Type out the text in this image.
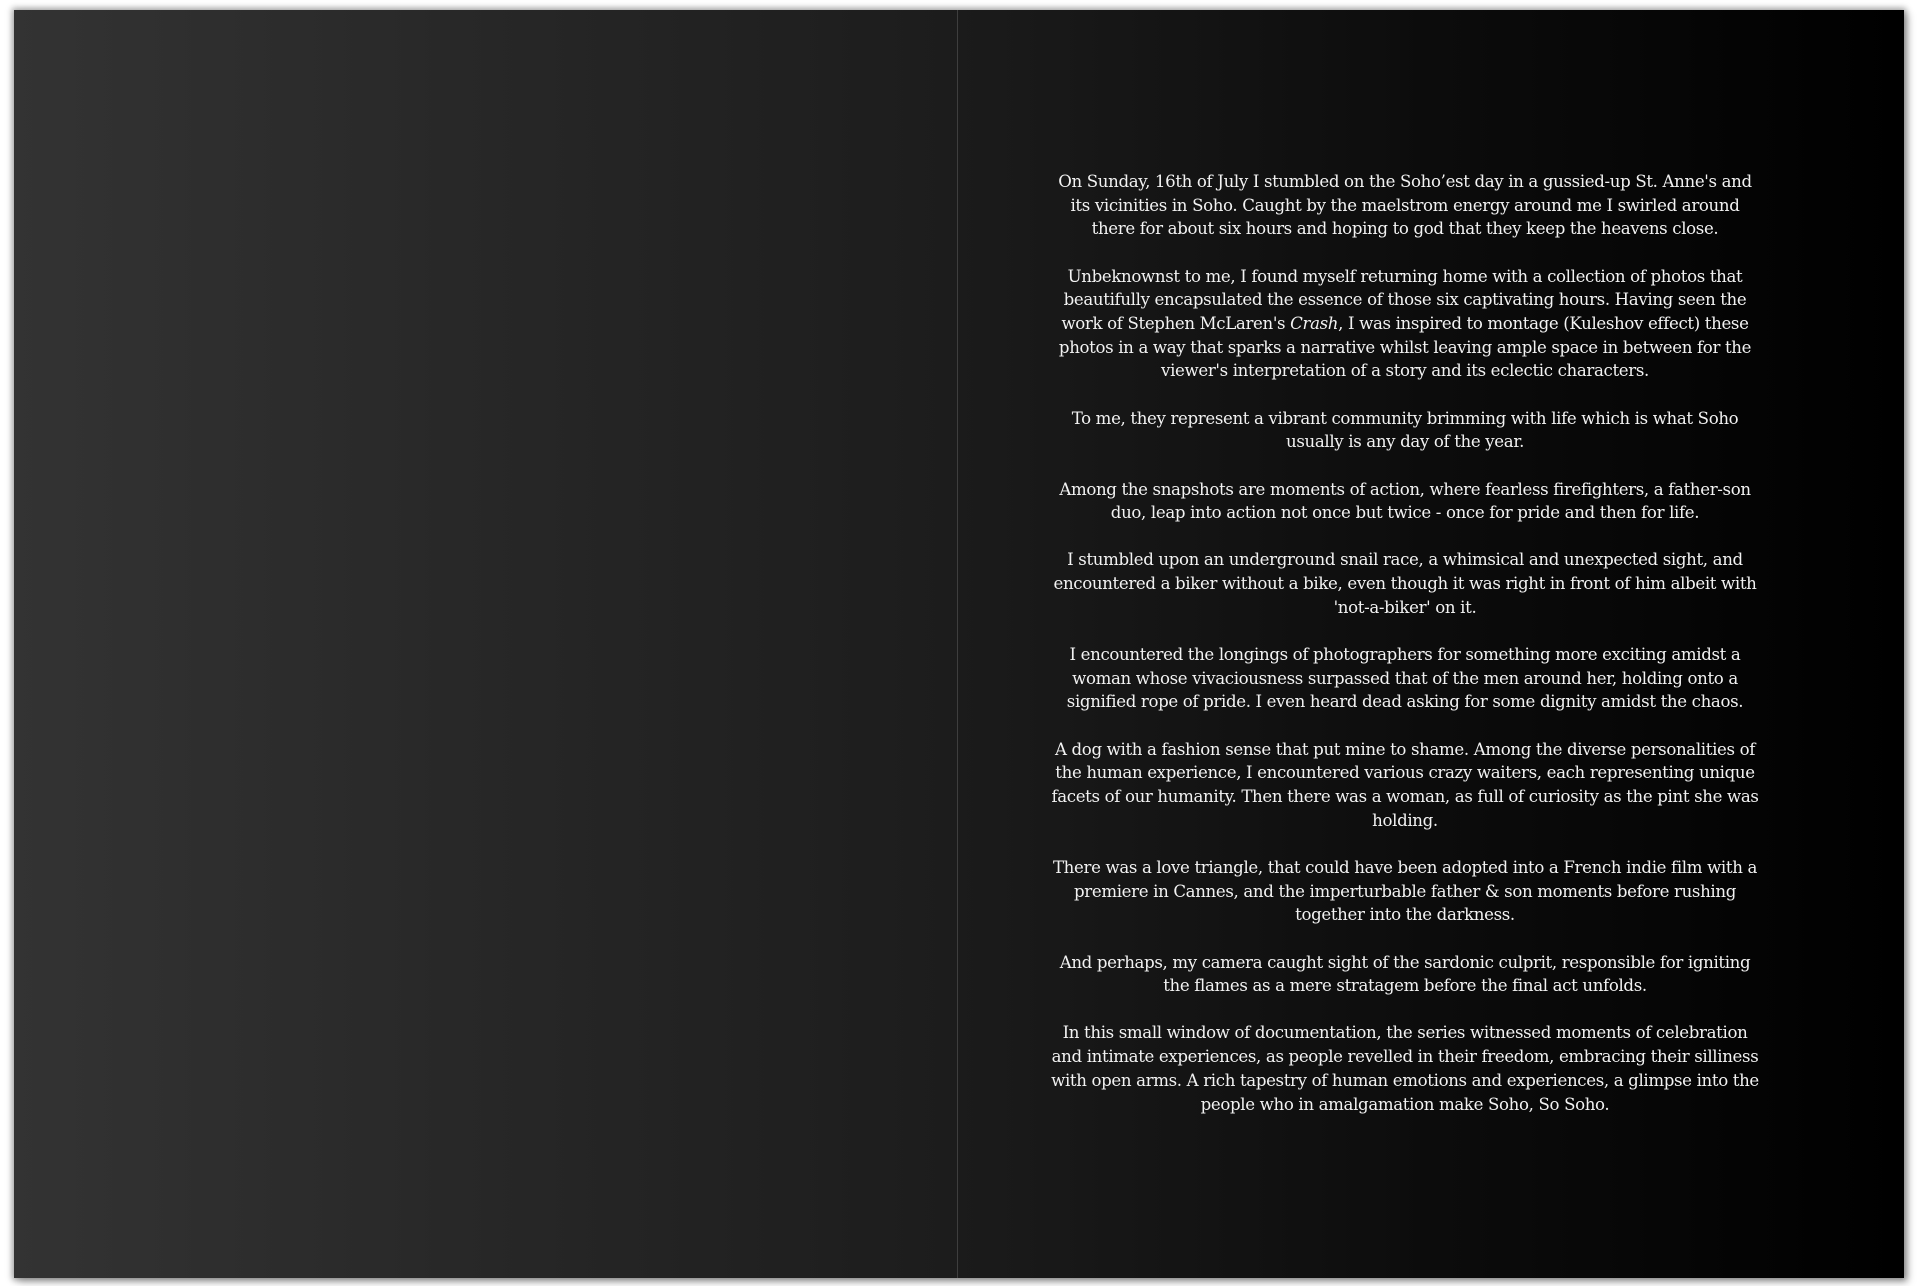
On Sunday, 16th of July I stumbled on the Soho’est day in a gussied-up St. Anne's and its vicinities in Soho. Caught by the maelstrom energy around me I swirled around there for about six hours and hoping to god that they keep the heavens close.

Unbeknownst to me, I found myself returning home with a collection of photos that beautifully encapsulated the essence of those six captivating hours. Having seen the work of Stephen McLaren's Crash, I was inspired to montage (Kuleshov effect) these photos in a way that sparks a narrative whilst leaving ample space in between for the viewer's interpretation of a story and its eclectic characters.

To me, they represent a vibrant community brimming with life which is what Soho usually is any day of the year.

Among the snapshots are moments of action, where fearless firefighters, a father-son duo, leap into action not once but twice - once for pride and then for life.

I stumbled upon an underground snail race, a whimsical and unexpected sight, and encountered a biker without a bike, even though it was right in front of him albeit with 'not-a-biker' on it.

I encountered the longings of photographers for something more exciting amidst a woman whose vivaciousness surpassed that of the men around her, holding onto a signified rope of pride. I even heard dead asking for some dignity amidst the chaos.

A dog with a fashion sense that put mine to shame. Among the diverse personalities of the human experience, I encountered various crazy waiters, each representing unique facets of our humanity. Then there was a woman, as full of curiosity as the pint she was holding.

There was a love triangle, that could have been adopted into a French indie film with a premiere in Cannes, and the imperturbable father & son moments before rushing together into the darkness.

And perhaps, my camera caught sight of the sardonic culprit, responsible for igniting the flames as a mere stratagem before the final act unfolds.

In this small window of documentation, the series witnessed moments of celebration and intimate experiences, as people revelled in their freedom, embracing their silliness with open arms. A rich tapestry of human emotions and experiences, a glimpse into the people who in amalgamation make Soho, So Soho.
